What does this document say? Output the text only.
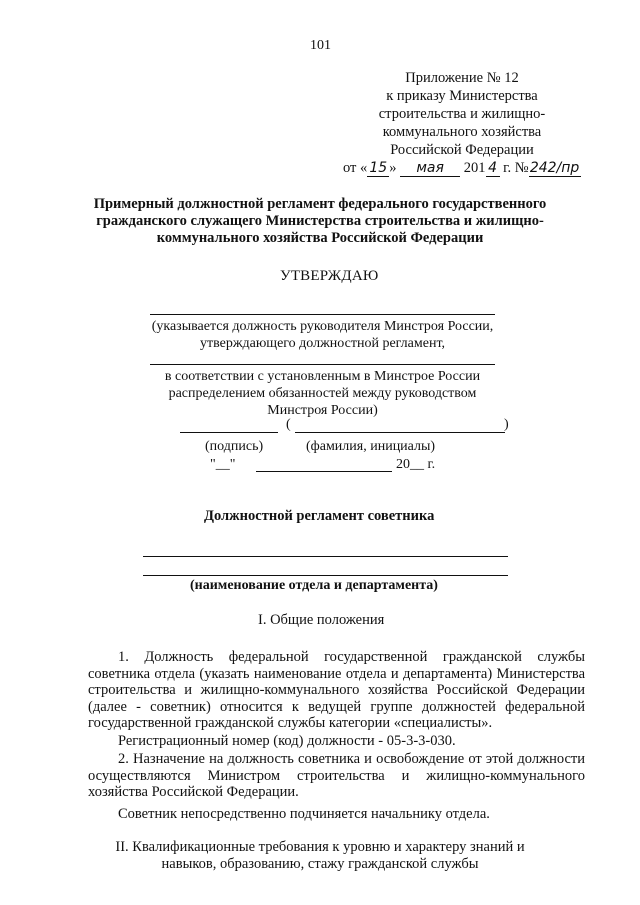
101
Приложение № 12
к приказу Министерства
строительства и жилищно-
коммунального хозяйства
Российской Федерации
от « 15 » мая 201 4 г. №242/пр
Примерный должностной регламент федерального государственного гражданского служащего Министерства строительства и жилищно-коммунального хозяйства Российской Федерации
УТВЕРЖДАЮ
(указывается должность руководителя Минстроя России, утверждающего должностной регламент,
в соответствии с установленным в Минстрое России распределением обязанностей между руководством Минстроя России)
(	)
(подпись)	(фамилия, инициалы)
"__"	20__ г.
Должностной регламент советника
(наименование отдела и департамента)
I. Общие положения
1. Должность федеральной государственной гражданской службы советника отдела (указать наименование отдела и департамента) Министерства строительства и жилищно-коммунального хозяйства Российской Федерации (далее - советник) относится к ведущей группе должностей федеральной государственной гражданской службы категории «специалисты».
Регистрационный номер (код) должности - 05-3-3-030.
2. Назначение на должность советника и освобождение от этой должности осуществляются Министром строительства и жилищно-коммунального хозяйства Российской Федерации.
Советник непосредственно подчиняется начальнику отдела.
II. Квалификационные требования к уровню и характеру знаний и навыков, образованию, стажу гражданской службы
